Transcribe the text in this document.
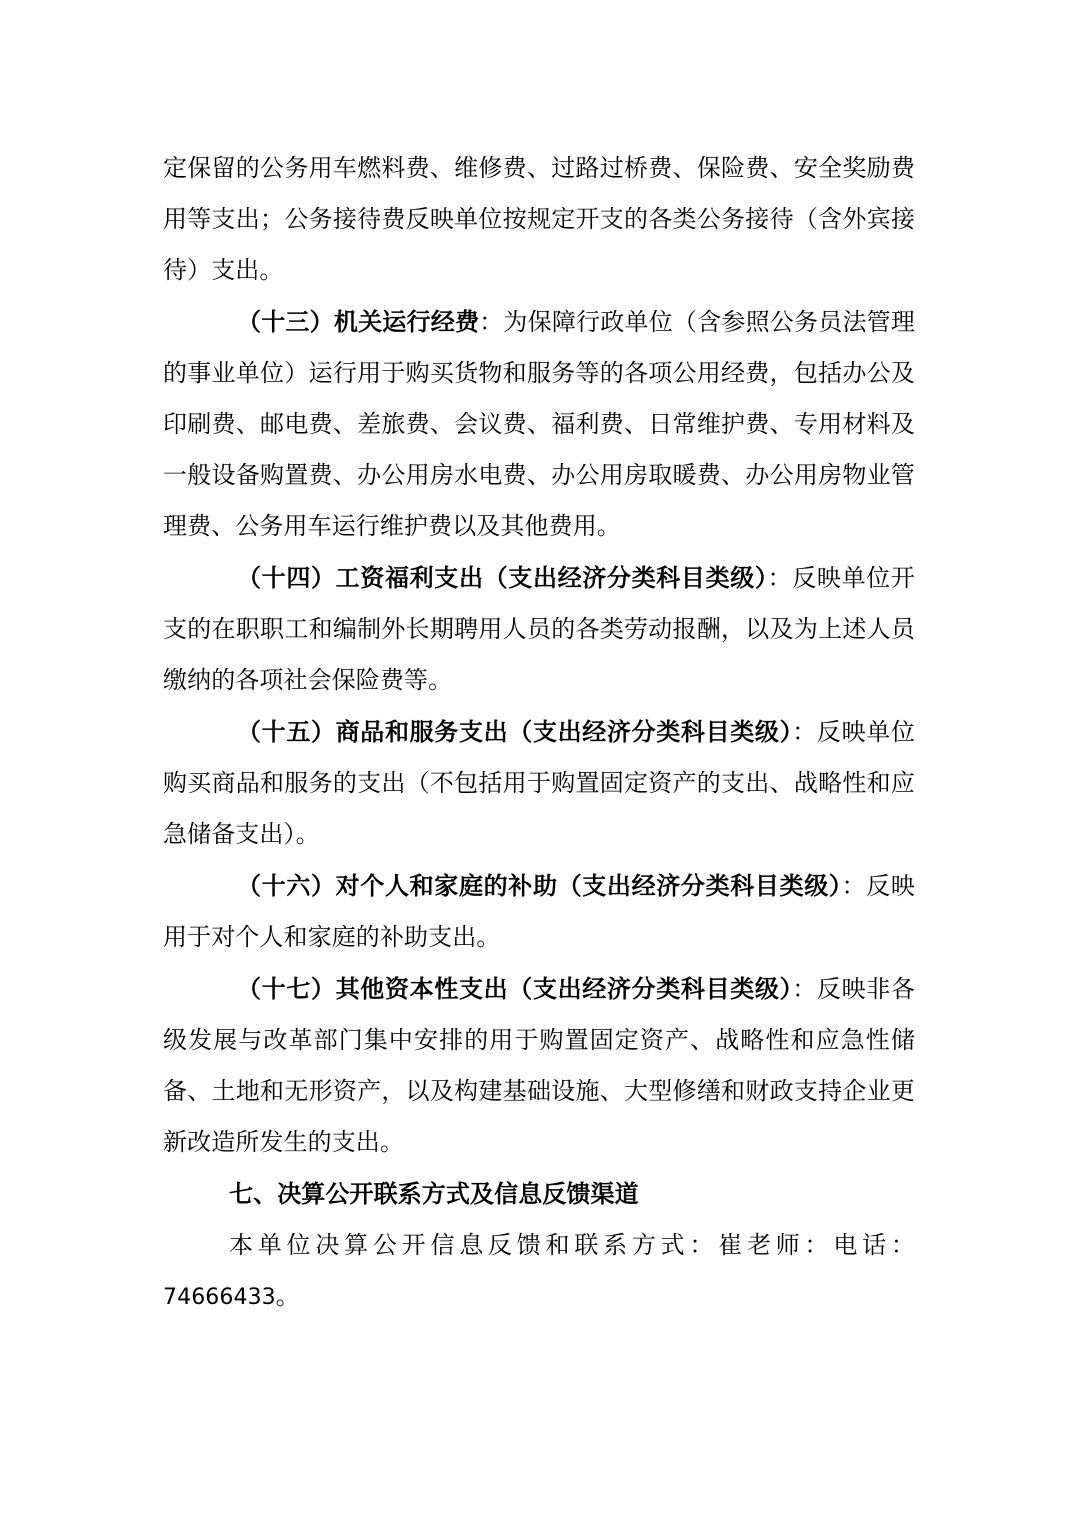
定保留的公务用车燃料费、维修费、过路过桥费、保险费、安全奖励费用等支出；公务接待费反映单位按规定开支的各类公务接待（含外宾接待）支出。

（十三）机关运行经费：为保障行政单位（含参照公务员法管理的事业单位）运行用于购买货物和服务等的各项公用经费，包括办公及印刷费、邮电费、差旅费、会议费、福利费、日常维护费、专用材料及一般设备购置费、办公用房水电费、办公用房取暖费、办公用房物业管理费、公务用车运行维护费以及其他费用。

（十四）工资福利支出（支出经济分类科目类级）：反映单位开支的在职职工和编制外长期聘用人员的各类劳动报酬，以及为上述人员缴纳的各项社会保险费等。

（十五）商品和服务支出（支出经济分类科目类级）：反映单位购买商品和服务的支出（不包括用于购置固定资产的支出、战略性和应急储备支出）。

（十六）对个人和家庭的补助（支出经济分类科目类级）：反映用于对个人和家庭的补助支出。

（十七）其他资本性支出（支出经济分类科目类级）：反映非各级发展与改革部门集中安排的用于购置固定资产、战略性和应急性储备、土地和无形资产，以及构建基础设施、大型修缮和财政支持企业更新改造所发生的支出。

七、决算公开联系方式及信息反馈渠道

本单位决算公开信息反馈和联系方式：崔老师：电话：74666433。
